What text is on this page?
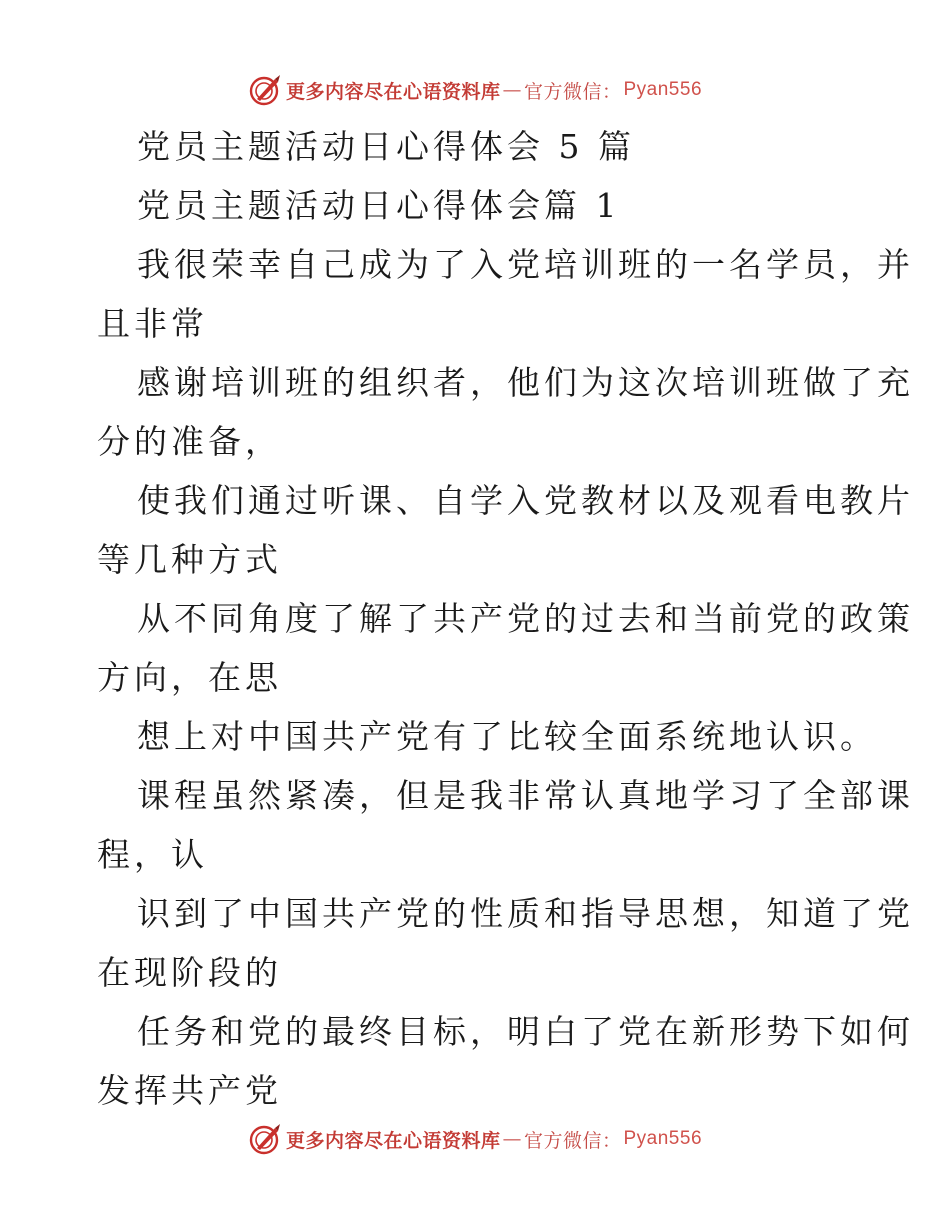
更多内容尽在心语资料库 — 官方微信： Pyan556
党员主题活动日心得体会 5 篇
党员主题活动日心得体会篇 1
我很荣幸自己成为了入党培训班的一名学员，并
且非常
感谢培训班的组织者，他们为这次培训班做了充
分的准备，
使我们通过听课、自学入党教材以及观看电教片
等几种方式
从不同角度了解了共产党的过去和当前党的政策
方向，在思
想上对中国共产党有了比较全面系统地认识。
课程虽然紧凑，但是我非常认真地学习了全部课
程，认
识到了中国共产党的性质和指导思想，知道了党
在现阶段的
任务和党的最终目标，明白了党在新形势下如何
发挥共产党
更多内容尽在心语资料库 — 官方微信： Pyan556
